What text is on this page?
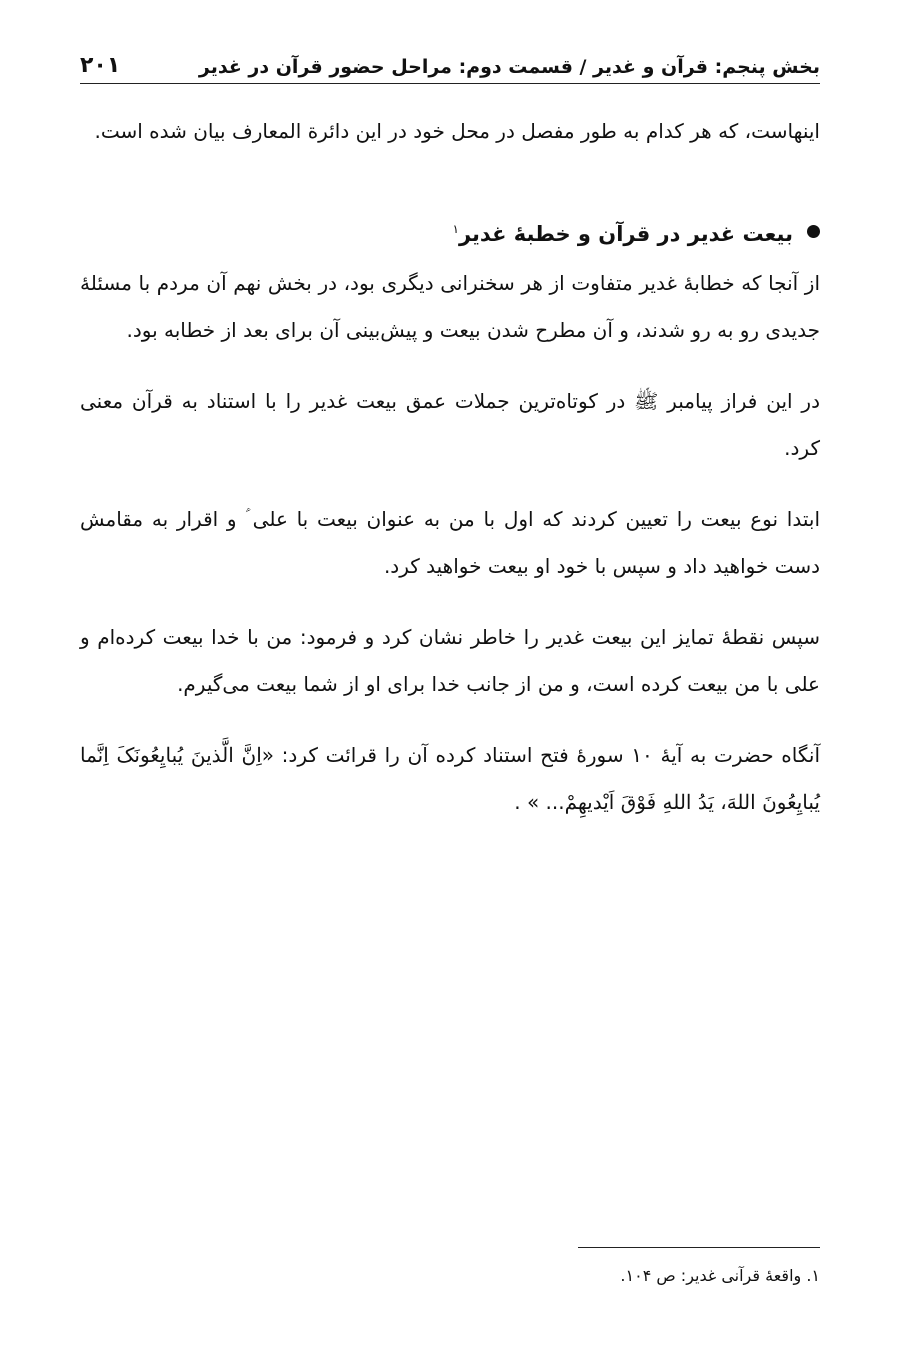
بخش پنجم: قرآن و غدیر / قسمت دوم: مراحل حضور قرآن در غدیر
۲۰۱

اینهاست، که هر کدام به طور مفصل در محل خود در این دائرة المعارف بیان شده است.

بیعت غدیر در قرآن و خطبهٔ غدیر$^۱$

از آنجا که خطابهٔ غدیر متفاوت از هر سخنرانی دیگری بود، در بخش نهم آن مردم با مسئلهٔ جدیدی رو به رو شدند، و آن مطرح شدن بیعت و پیش‌بینی آن برای بعد از خطابه بود.

در این فراز پیامبر ﷺ در کوتاه‌ترین جملات عمق بیعت غدیر را با استناد به قرآن معنی کرد.

ابتدا نوع بیعت را تعیین کردند که اول با من به عنوان بیعت با علی ؑ و اقرار به مقامش دست خواهید داد و سپس با خود او بیعت خواهید کرد.

سپس نقطهٔ تمایز این بیعت غدیر را خاطر نشان کرد و فرمود: من با خدا بیعت کرده‌ام و علی با من بیعت کرده است، و من از جانب خدا برای او از شما بیعت می‌گیرم.

آنگاه حضرت به آیهٔ ۱۰ سورهٔ فتح استناد کرده آن را قرائت کرد: «اِنَّ الَّذینَ یُبایِعُونَکَ اِنَّما یُبایِعُونَ اللهَ، یَدُ اللهِ فَوْقَ اَیْدیهِمْ... » .

۱. واقعهٔ قرآنی غدیر: ص ۱۰۴.
